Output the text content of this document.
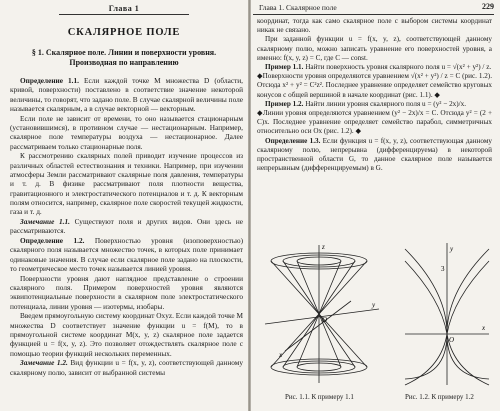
Глава 1
СКАЛЯРНОЕ ПОЛЕ
§ 1. Скалярное поле. Линии и поверхности уровня. Производная по направлению

Определение 1.1. Если каждой точке M множества D (области, кривой, поверхности) поставлено в соответствие значение некоторой величины, то говорят, что задано поле. В случае скалярной величины поле называется скалярным, а в случае векторной — векторным.

Если поле не зависит от времени, то оно называется стационарным (установившимся), в противном случае — нестационарным. Например, скалярное поле температуры воздуха — нестационарное. Далее рассматриваем только стационарные поля.

К рассмотрению скалярных полей приводит изучение процессов из различных областей естествознания и техники. Например, при изучении атмосферы Земли рассматривают скалярные поля давления, температуры и т. д. В физике рассматривают поля плотности вещества, гравитационного и электростатического потенциалов и т. д. К векторным полям относится, например, скалярное поле скоростей текущей жидкости, газа и т. д.

Замечание 1.1. Существуют поля и других видов. Они здесь не рассматриваются.

Определение 1.2. Поверхностью уровня (изоповерхностью) скалярного поля называется множество точек, в которых поле принимает одинаковые значения. В случае если скалярное поле задано на плоскости, то геометрическое место точек называется линией уровня.

Поверхности уровня дают наглядное представление о строении скалярного поля. Примером поверхностей уровня являются эквипотенциальные поверхности в скалярном поле электростатического потенциала, линии уровня — изотермы, изобары.

Введем прямоугольную систему координат Oxyz. Если каждой точке M множества D соответствует значение функции u = f(M), то в прямоугольной системе координат M(x, y, z) скалярное поле задается функцией u = f(x, y, z). Это позволяет отождествлять скалярное поле с помощью теории функций нескольких переменных.

Замечание 1.2. Вид функции u = f(x, y, z), соответствующей данному скалярному полю, зависит от выбранной системы

Глава 1. Скалярное поле	229

координат, тогда как само скалярное поле с выбором системы координат никак не связано.

При заданной функции u = f(x, y, z), соответствующей данному скалярному полю, можно записать уравнение его поверхностей уровня, а именно: f(x, y, z) = C, где C — const.

Пример 1.1. Найти поверхность уровня скалярного поля u = √(x² + y²) / z.

◆Поверхности уровня определяются уравнением √(x² + y²) / z = C (рис. 1.2). Отсюда x² + y² = C²z². Последнее уравнение определяет семейство круговых конусов с общей вершиной в начале координат (рис. 1.1). ◆

Пример 1.2. Найти линии уровня скалярного поля u = (y² − 2x)/x.

◆Линии уровня определяются уравнением (y² − 2x)/x = C. Отсюда y² = (2 + C)x. Последнее уравнение определяет семейство парабол, симметричных относительно оси Ox (рис. 1.2). ◆

Определение 1.3. Если функция u = f(x, y, z), соответствующая данному скалярному полю, непрерывна (дифференцируема) в некоторой пространственной области G, то данное скалярное поле называется непрерывным (дифференцируемым) в G.

z
y
x
O
y
x
O
3
Рис. 1.1. К примеру 1.1	Рис. 1.2. К примеру 1.2
